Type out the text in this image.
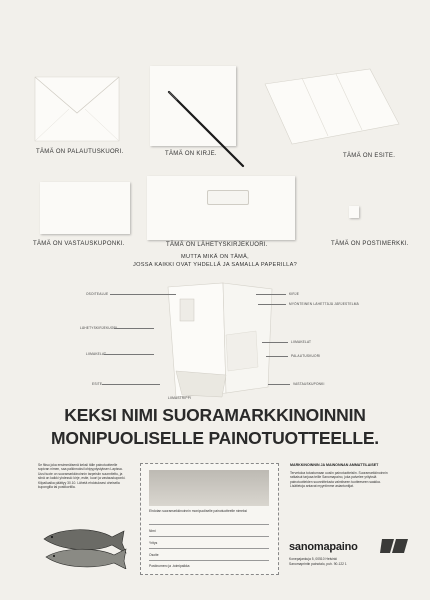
TÄMÄ ON PALAUTUSKUORI.	TÄMÄ ON KIRJE.	TÄMÄ ON ESITE.
TÄMÄ ON VASTAUSKUPONKI.	TÄMÄ ON LÄHETYSKIRJEKUORI.	TÄMÄ ON POSTIMERKKI.
MUTTA MIKÄ ON TÄMÄ,
JOSSA KAIKKI OVAT YHDELLÄ JA SAMALLA PAPERILLA?
OSOITEALUE
LÄHETYSKIRJEKUORI
LIIMAKELAT
ESITE
LIIMASTRIPPI
KIRJE
MYÖNTEINEN LÄHETTÄJÄ JÄRJESTELMÄ
LIIMAKELAT
PALAUTUSKUORI
VASTAUSKUPONKI
KEKSI NIMI SUORAMARKKINOINNIN
MONIPUOLISELLE PAINOTUOTTEELLE.
Se fiksu joka ensimmäisenä keksii tälle painotuotteelle sopivan nimen, saa palkinnoksi lohipyydystyksen Lapissa. Uusi tuote on suoramarkkinoinnin tarpeisiin suunniteltu, ja siinä on kaikki yhdessä: kirje, esite, kuori ja vastauskuponki. Kilpailuaika päättyy 30.10. Lähetä ehdotuksesi oheisella kupongilla tai postikortilla.
Ehdotan suoramarkkinoinnin monipuoliselle painotuotteelle nimeksi
Nimi
Yritys
Osoite
Postinumero ja -toimipaikka
MARKKINOINNIN JA MAINONNAN AMMATTILAISET
Tervetuloa tutustumaan uusiin painotuotteisiin. Suoramarkkinoinnin ratkaisut tarjoaa teille Sanomapaino, joka palvelee yrityksiä painotuotteiden suunnittelusta valmiiseen tuotteeseen saakka. Lisätietoja antavat myyntimme asiantuntijat.
sanomapaino
Konepajankuja 5, 00510 Helsinki
Sanomaprintin painotalo, puh. 90-122 1
